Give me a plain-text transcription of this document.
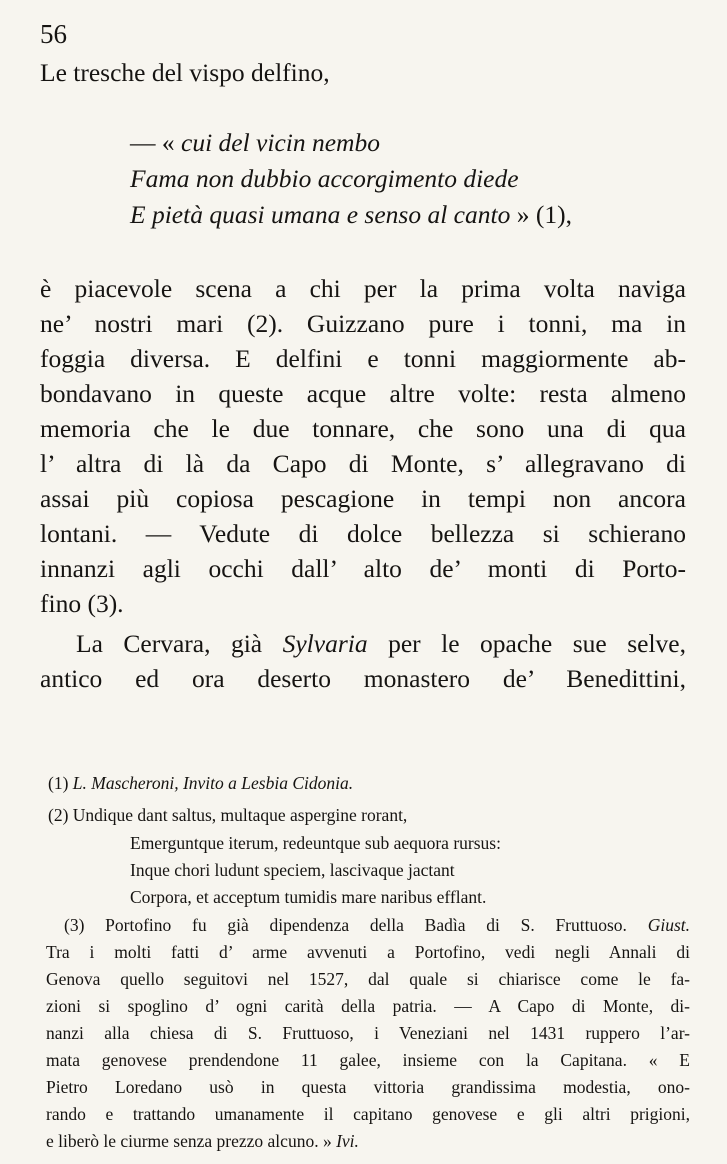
56
Le tresche del vispo delfino,
— « cui del vicin nembo
Fama non dubbio accorgimento diede
E pietà quasi umana e senso al canto » (1),
è piacevole scena a chi per la prima volta naviga
ne’ nostri mari (2). Guizzano pure i tonni, ma in
foggia diversa. E delfini e tonni maggiormente ab-
bondavano in queste acque altre volte: resta almeno
memoria che le due tonnare, che sono una di qua
l’ altra di là da Capo di Monte, s’ allegravano di
assai più copiosa pescagione in tempi non ancora
lontani. — Vedute di dolce bellezza si schierano
innanzi agli occhi dall’ alto de’ monti di Porto-
fino (3).
La Cervara, già Sylvaria per le opache sue selve,
antico ed ora deserto monastero de’ Benedittini,
(1) L. Mascheroni, Invito a Lesbia Cidonia.
(2) Undique dant saltus, multaque aspergine rorant,
Emerguntque iterum, redeuntque sub aequora rursus:
Inque chori ludunt speciem, lascivaque jactant
Corpora, et acceptum tumidis mare naribus efflant.
(3) Portofino fu già dipendenza della Badìa di S. Fruttuoso. Giust.
Tra i molti fatti d’ arme avvenuti a Portofino, vedi negli Annali di
Genova quello seguitovi nel 1527, dal quale si chiarisce come le fa-
zioni si spoglino d’ ogni carità della patria. — A Capo di Monte, di-
nanzi alla chiesa di S. Fruttuoso, i Veneziani nel 1431 ruppero l’ar-
mata genovese prendendone 11 galee, insieme con la Capitana. « E
Pietro Loredano usò in questa vittoria grandissima modestia, ono-
rando e trattando umanamente il capitano genovese e gli altri prigioni,
e liberò le ciurme senza prezzo alcuno. » Ivi.
